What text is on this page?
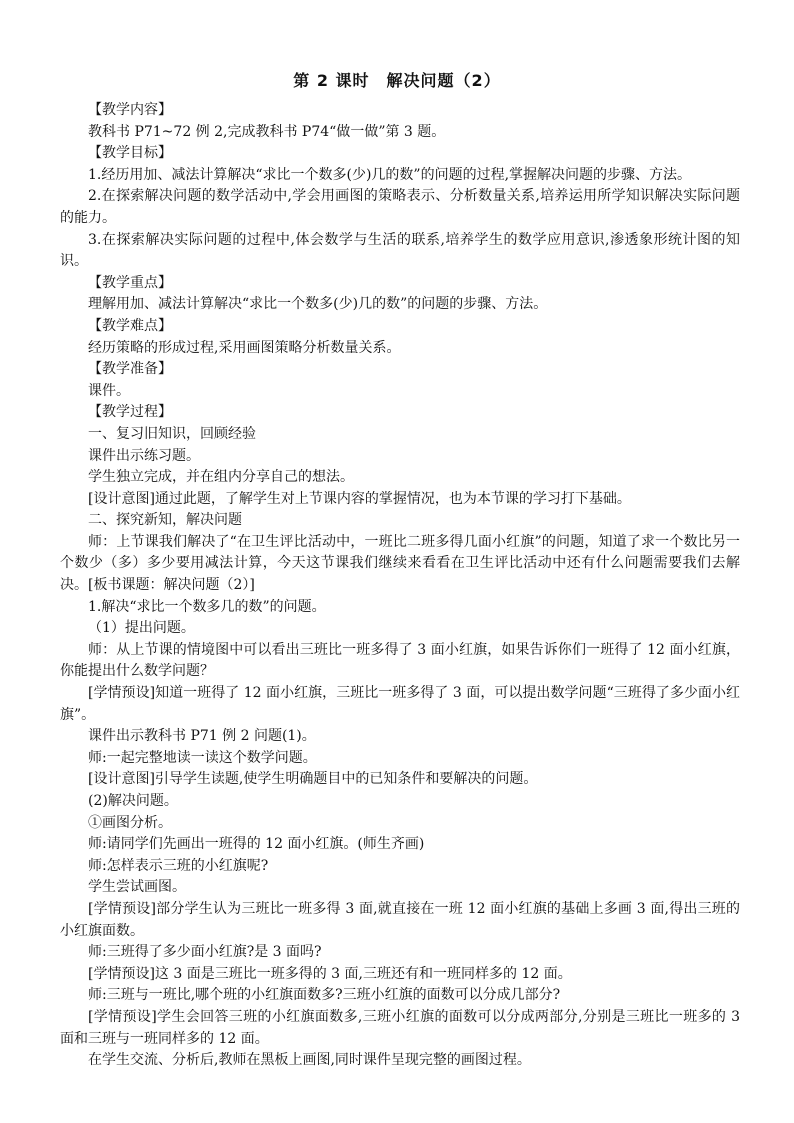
第 2 课时　解决问题（2）

【教学内容】

教科书 P71~72 例 2,完成教科书 P74“做一做”第 3 题。

【教学目标】

1.经历用加、减法计算解决“求比一个数多(少)几的数”的问题的过程,掌握解决问题的步骤、方法。

2.在探索解决问题的数学活动中,学会用画图的策略表示、分析数量关系,培养运用所学知识解决实际问题的能力。

3.在探索解决实际问题的过程中,体会数学与生活的联系,培养学生的数学应用意识,渗透象形统计图的知识。

【教学重点】

理解用加、减法计算解决“求比一个数多(少)几的数”的问题的步骤、方法。

【教学难点】

经历策略的形成过程,采用画图策略分析数量关系。

【教学准备】

课件。

【教学过程】

一、复习旧知识，回顾经验

课件出示练习题。

学生独立完成，并在组内分享自己的想法。

[设计意图]通过此题，了解学生对上节课内容的掌握情况，也为本节课的学习打下基础。

二、探究新知，解决问题

师：上节课我们解决了“在卫生评比活动中，一班比二班多得几面小红旗”的问题，知道了求一个数比另一个数少（多）多少要用减法计算，今天这节课我们继续来看看在卫生评比活动中还有什么问题需要我们去解决。[板书课题：解决问题（2）]

1.解决“求比一个数多几的数”的问题。

（1）提出问题。

师：从上节课的情境图中可以看出三班比一班多得了 3 面小红旗，如果告诉你们一班得了 12 面小红旗，你能提出什么数学问题？

[学情预设]知道一班得了 12 面小红旗，三班比一班多得了 3 面，可以提出数学问题“三班得了多少面小红旗”。

课件出示教科书 P71 例 2 问题(1)。

师:一起完整地读一读这个数学问题。

[设计意图]引导学生读题,使学生明确题目中的已知条件和要解决的问题。

(2)解决问题。

①画图分析。

师:请同学们先画出一班得的 12 面小红旗。(师生齐画)

师:怎样表示三班的小红旗呢?

学生尝试画图。

[学情预设]部分学生认为三班比一班多得 3 面,就直接在一班 12 面小红旗的基础上多画 3 面,得出三班的小红旗面数。

师:三班得了多少面小红旗?是 3 面吗?

[学情预设]这 3 面是三班比一班多得的 3 面,三班还有和一班同样多的 12 面。

师:三班与一班比,哪个班的小红旗面数多?三班小红旗的面数可以分成几部分?

[学情预设]学生会回答三班的小红旗面数多,三班小红旗的面数可以分成两部分,分别是三班比一班多的 3 面和三班与一班同样多的 12 面。

在学生交流、分析后,教师在黑板上画图,同时课件呈现完整的画图过程。
